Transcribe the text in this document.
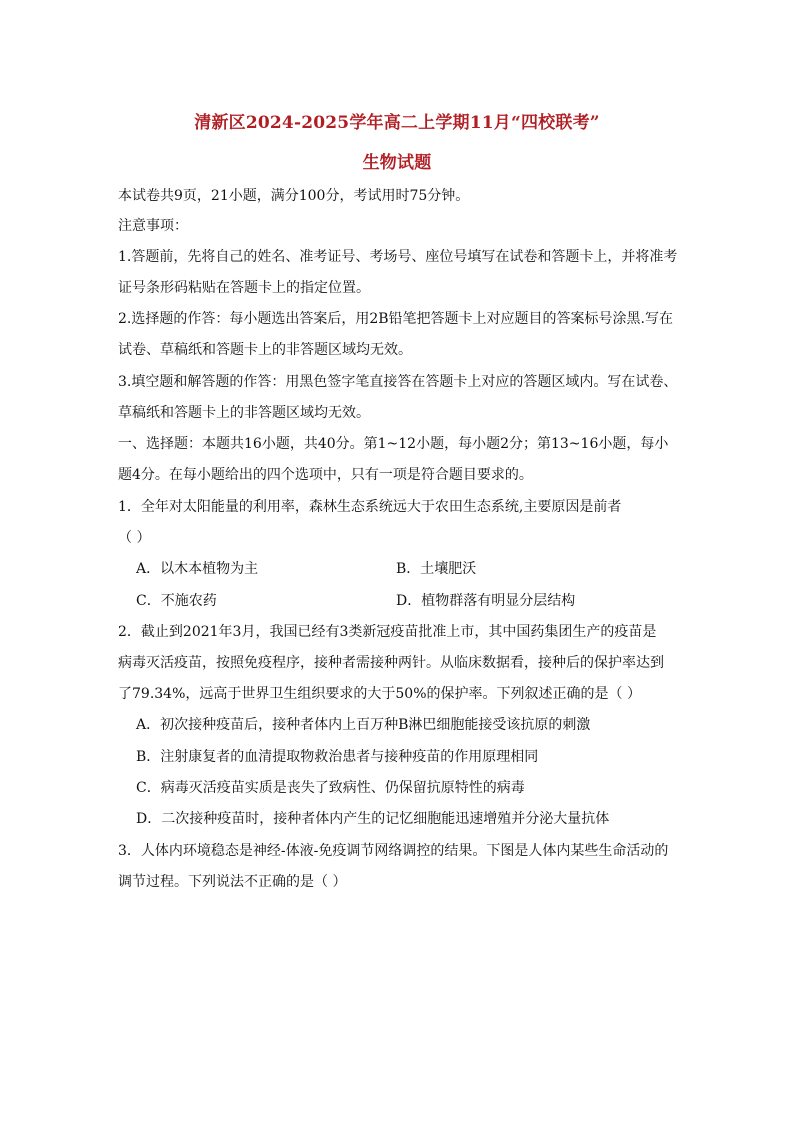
清新区2024-2025学年高二上学期11月“四校联考”
生物试题
本试卷共9页，21小题，满分100分，考试用时75分钟。
注意事项：
1.答题前，先将自己的姓名、准考证号、考场号、座位号填写在试卷和答题卡上，并将准考
证号条形码粘贴在答题卡上的指定位置。
2.选择题的作答：每小题选出答案后，用2B铅笔把答题卡上对应题目的答案标号涂黑.写在
试卷、草稿纸和答题卡上的非答题区域均无效。
3.填空题和解答题的作答：用黑色签字笔直接答在答题卡上对应的答题区域内。写在试卷、
草稿纸和答题卡上的非答题区域均无效。
一、选择题：本题共16小题，共40分。第1~12小题，每小题2分；第13~16小题，每小
题4分。在每小题给出的四个选项中，只有一项是符合题目要求的。
1．全年对太阳能量的利用率，森林生态系统远大于农田生态系统,主要原因是前者
（ ）
A．以木本植物为主	B．土壤肥沃
C．不施农药	D．植物群落有明显分层结构
2．截止到2021年3月，我国已经有3类新冠疫苗批准上市，其中国药集团生产的疫苗是
病毒灭活疫苗，按照免疫程序，接种者需接种两针。从临床数据看，接种后的保护率达到
了79.34%，远高于世界卫生组织要求的大于50%的保护率。下列叙述正确的是（ ）
A．初次接种疫苗后，接种者体内上百万种B淋巴细胞能接受该抗原的刺激
B．注射康复者的血清提取物救治患者与接种疫苗的作用原理相同
C．病毒灭活疫苗实质是丧失了致病性、仍保留抗原特性的病毒
D．二次接种疫苗时，接种者体内产生的记忆细胞能迅速增殖并分泌大量抗体
3．人体内环境稳态是神经-体液-免疫调节网络调控的结果。下图是人体内某些生命活动的
调节过程。下列说法不正确的是（ ）
